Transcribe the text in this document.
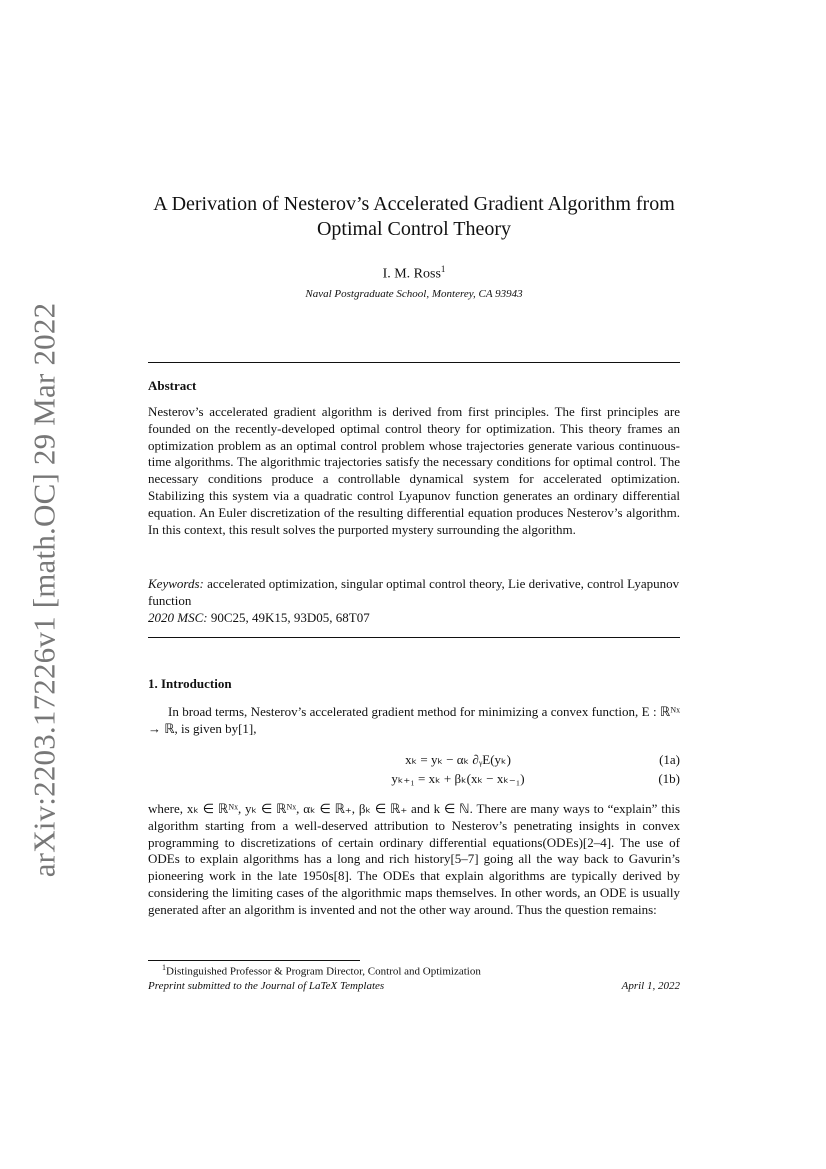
arXiv:2203.17226v1 [math.OC] 29 Mar 2022
A Derivation of Nesterov’s Accelerated Gradient Algorithm from Optimal Control Theory
I. M. Ross$^1$
Naval Postgraduate School, Monterey, CA 93943
Abstract
Nesterov’s accelerated gradient algorithm is derived from first principles. The first principles are founded on the recently-developed optimal control theory for optimization. This theory frames an optimization problem as an optimal control problem whose trajectories generate various continuous-time algorithms. The algorithmic trajectories satisfy the necessary conditions for optimal control. The necessary conditions produce a controllable dynamical system for accelerated optimization. Stabilizing this system via a quadratic control Lyapunov function generates an ordinary differential equation. An Euler discretization of the resulting differential equation produces Nesterov’s algorithm. In this context, this result solves the purported mystery surrounding the algorithm.
Keywords: accelerated optimization, singular optimal control theory, Lie derivative, control Lyapunov function
2020 MSC: 90C25, 49K15, 93D05, 68T07
1. Introduction
In broad terms, Nesterov’s accelerated gradient method for minimizing a convex function, E : ℝᴺˣ → ℝ, is given by[1],
xₖ = yₖ − αₖ ∂ᵧE(yₖ)	(1a)
yₖ₊₁ = xₖ + βₖ(xₖ − xₖ₋₁)	(1b)
where, xₖ ∈ ℝᴺˣ, yₖ ∈ ℝᴺˣ, αₖ ∈ ℝ₊, βₖ ∈ ℝ₊ and k ∈ ℕ. There are many ways to “explain” this algorithm starting from a well-deserved attribution to Nesterov’s penetrating insights in convex programming to discretizations of certain ordinary differential equations(ODEs)[2–4]. The use of ODEs to explain algorithms has a long and rich history[5–7] going all the way back to Gavurin’s pioneering work in the late 1950s[8]. The ODEs that explain algorithms are typically derived by considering the limiting cases of the algorithmic maps themselves. In other words, an ODE is usually generated after an algorithm is invented and not the other way around. Thus the question remains:
$^1$Distinguished Professor & Program Director, Control and Optimization
Preprint submitted to the Journal of LaTeX Templates	April 1, 2022
